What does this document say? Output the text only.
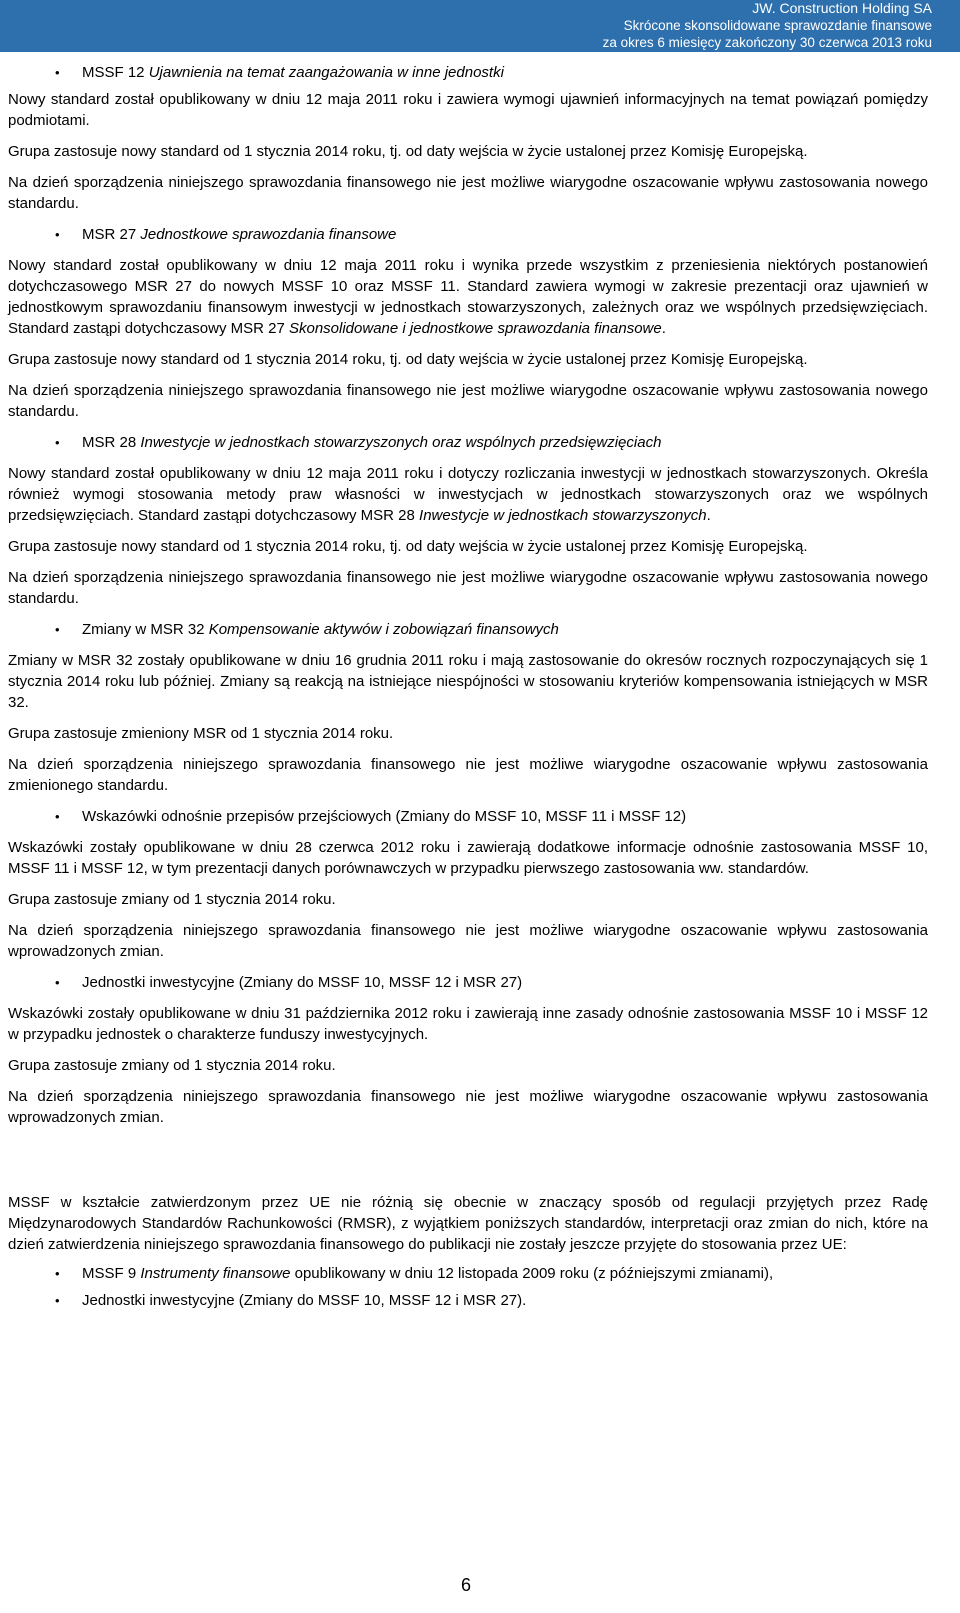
JW. Construction Holding SA
Skrócone skonsolidowane sprawozdanie finansowe
za okres 6 miesięcy zakończony 30 czerwca 2013 roku
• MSSF 12 Ujawnienia na temat zaangażowania w inne jednostki

Nowy standard został opublikowany w dniu 12 maja 2011 roku i zawiera wymogi ujawnień informacyjnych na temat powiązań pomiędzy podmiotami.

Grupa zastosuje nowy standard od 1 stycznia 2014 roku, tj. od daty wejścia w życie ustalonej przez Komisję Europejską.

Na dzień sporządzenia niniejszego sprawozdania finansowego nie jest możliwe wiarygodne oszacowanie wpływu zastosowania nowego standardu.

• MSR 27 Jednostkowe sprawozdania finansowe

Nowy standard został opublikowany w dniu 12 maja 2011 roku i wynika przede wszystkim z przeniesienia niektórych postanowień dotychczasowego MSR 27 do nowych MSSF 10 oraz MSSF 11. Standard zawiera wymogi w zakresie prezentacji oraz ujawnień w jednostkowym sprawozdaniu finansowym inwestycji w jednostkach stowarzyszonych, zależnych oraz we wspólnych przedsięwzięciach. Standard zastąpi dotychczasowy MSR 27 Skonsolidowane i jednostkowe sprawozdania finansowe.

Grupa zastosuje nowy standard od 1 stycznia 2014 roku, tj. od daty wejścia w życie ustalonej przez Komisję Europejską.

Na dzień sporządzenia niniejszego sprawozdania finansowego nie jest możliwe wiarygodne oszacowanie wpływu zastosowania nowego standardu.

• MSR 28 Inwestycje w jednostkach stowarzyszonych oraz wspólnych przedsięwzięciach

Nowy standard został opublikowany w dniu 12 maja 2011 roku i dotyczy rozliczania inwestycji w jednostkach stowarzyszonych. Określa również wymogi stosowania metody praw własności w inwestycjach w jednostkach stowarzyszonych oraz we wspólnych przedsięwzięciach. Standard zastąpi dotychczasowy MSR 28 Inwestycje w jednostkach stowarzyszonych.

Grupa zastosuje nowy standard od 1 stycznia 2014 roku, tj. od daty wejścia w życie ustalonej przez Komisję Europejską.

Na dzień sporządzenia niniejszego sprawozdania finansowego nie jest możliwe wiarygodne oszacowanie wpływu zastosowania nowego standardu.

• Zmiany w MSR 32 Kompensowanie aktywów i zobowiązań finansowych

Zmiany w MSR 32 zostały opublikowane w dniu 16 grudnia 2011 roku i mają zastosowanie do okresów rocznych rozpoczynających się 1 stycznia 2014 roku lub później. Zmiany są reakcją na istniejące niespójności w stosowaniu kryteriów kompensowania istniejących w MSR 32.

Grupa zastosuje zmieniony MSR od 1 stycznia 2014 roku.

Na dzień sporządzenia niniejszego sprawozdania finansowego nie jest możliwe wiarygodne oszacowanie wpływu zastosowania zmienionego standardu.

• Wskazówki odnośnie przepisów przejściowych (Zmiany do MSSF 10, MSSF 11 i MSSF 12)

Wskazówki zostały opublikowane w dniu 28 czerwca 2012 roku i zawierają dodatkowe informacje odnośnie zastosowania MSSF 10, MSSF 11 i MSSF 12, w tym prezentacji danych porównawczych w przypadku pierwszego zastosowania ww. standardów.

Grupa zastosuje zmiany od 1 stycznia 2014 roku.

Na dzień sporządzenia niniejszego sprawozdania finansowego nie jest możliwe wiarygodne oszacowanie wpływu zastosowania wprowadzonych zmian.

• Jednostki inwestycyjne (Zmiany do MSSF 10, MSSF 12 i MSR 27)

Wskazówki zostały opublikowane w dniu 31 października 2012 roku i zawierają inne zasady odnośnie zastosowania MSSF 10 i MSSF 12 w przypadku jednostek o charakterze funduszy inwestycyjnych.

Grupa zastosuje zmiany od 1 stycznia 2014 roku.

Na dzień sporządzenia niniejszego sprawozdania finansowego nie jest możliwe wiarygodne oszacowanie wpływu zastosowania wprowadzonych zmian.

MSSF w kształcie zatwierdzonym przez UE nie różnią się obecnie w znaczący sposób od regulacji przyjętych przez Radę Międzynarodowych Standardów Rachunkowości (RMSR), z wyjątkiem poniższych standardów, interpretacji oraz zmian do nich, które na dzień zatwierdzenia niniejszego sprawozdania finansowego do publikacji nie zostały jeszcze przyjęte do stosowania przez UE:

• MSSF 9 Instrumenty finansowe opublikowany w dniu 12 listopada 2009 roku (z późniejszymi zmianami),
• Jednostki inwestycyjne (Zmiany do MSSF 10, MSSF 12 i MSR 27).
6
